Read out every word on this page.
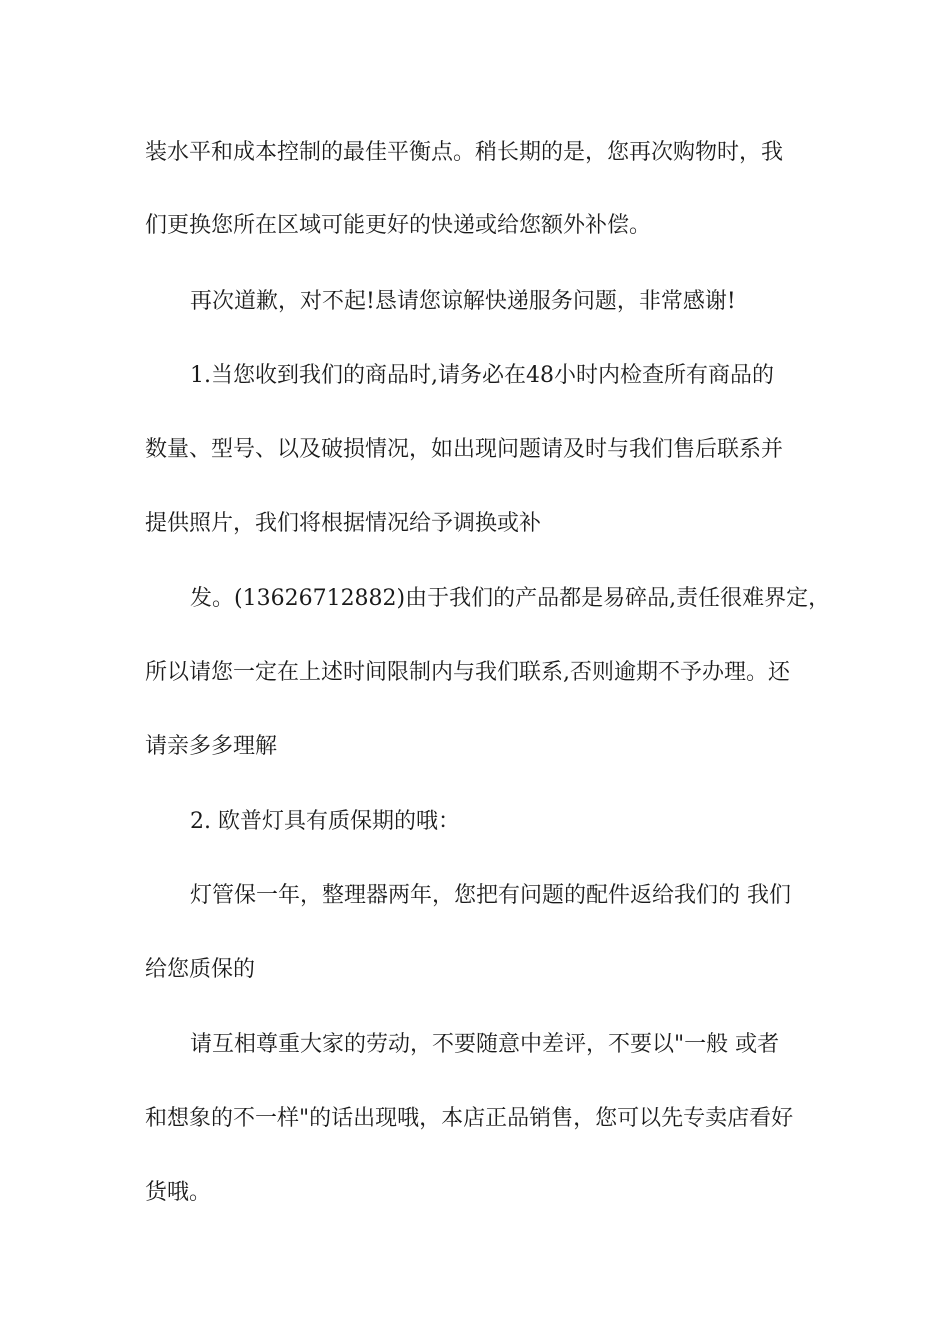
装水平和成本控制的最佳平衡点。稍长期的是，您再次购物时，我
们更换您所在区域可能更好的快递或给您额外补偿。
再次道歉，对不起!恳请您谅解快递服务问题，非常感谢!
1.当您收到我们的商品时,请务必在48小时内检查所有商品的
数量、型号、以及破损情况，如出现问题请及时与我们售后联系并
提供照片，我们将根据情况给予调换或补
发。(13626712882)由于我们的产品都是易碎品,责任很难界定，
所以请您一定在上述时间限制内与我们联系,否则逾期不予办理。还
请亲多多理解
2. 欧普灯具有质保期的哦：
灯管保一年，整理器两年，您把有问题的配件返给我们的 我们
给您质保的
请互相尊重大家的劳动，不要随意中差评，不要以"一般 或者
和想象的不一样"的话出现哦，本店正品销售，您可以先专卖店看好
货哦。
